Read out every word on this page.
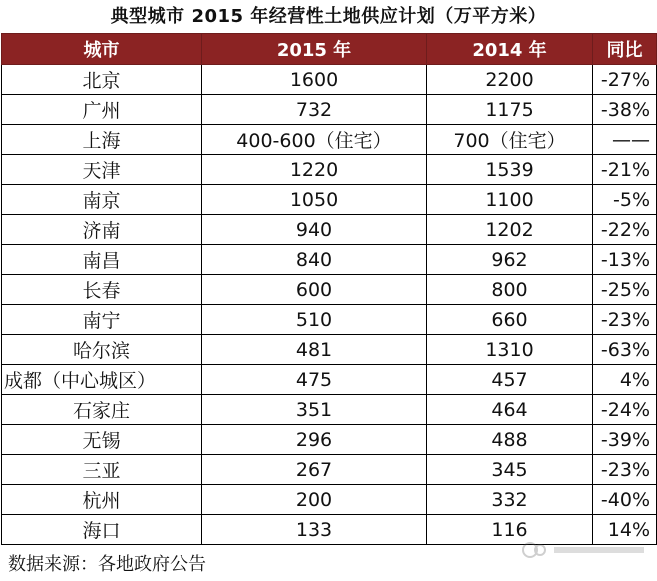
典型城市 2015 年经营性土地供应计划（万平方米）
城市	2015 年	2014 年	同比
北京	1600	2200	-27%
广州	732	1175	-38%
上海	400-600（住宅）	700（住宅）	——
天津	1220	1539	-21%
南京	1050	1100	-5%
济南	940	1202	-22%
南昌	840	962	-13%
长春	600	800	-25%
南宁	510	660	-23%
哈尔滨	481	1310	-63%
成都（中心城区）	475	457	4%
石家庄	351	464	-24%
无锡	296	488	-39%
三亚	267	345	-23%
杭州	200	332	-40%
海口	133	116	14%
数据来源：各地政府公告
